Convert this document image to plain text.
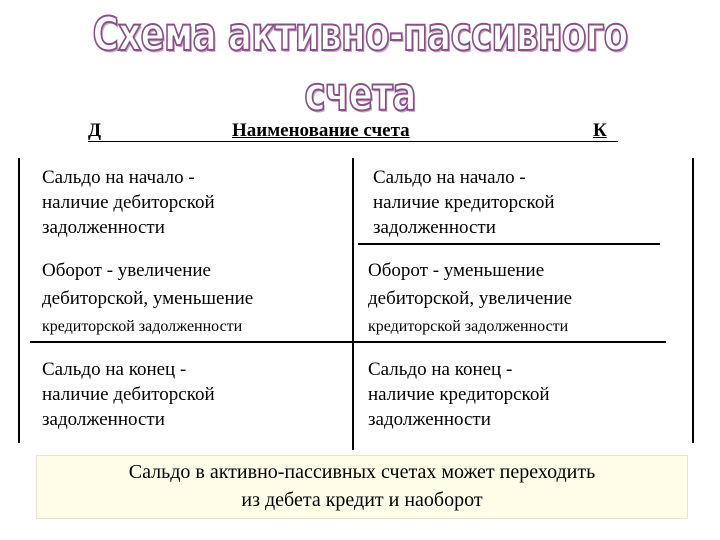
Схема активно-пассивного счета
Д	Наименование счета	К
Сальдо на начало -
наличие дебиторской
задолженности
Сальдо на начало -
наличие кредиторской
задолженности
Оборот - увеличение
дебиторской, уменьшение
кредиторской задолженности
Оборот - уменьшение
дебиторской, увеличение
кредиторской задолженности
Сальдо на конец -
наличие дебиторской
задолженности
Сальдо на конец -
наличие кредиторской
задолженности
Сальдо в активно-пассивных счетах может переходить
из дебета кредит и наоборот
